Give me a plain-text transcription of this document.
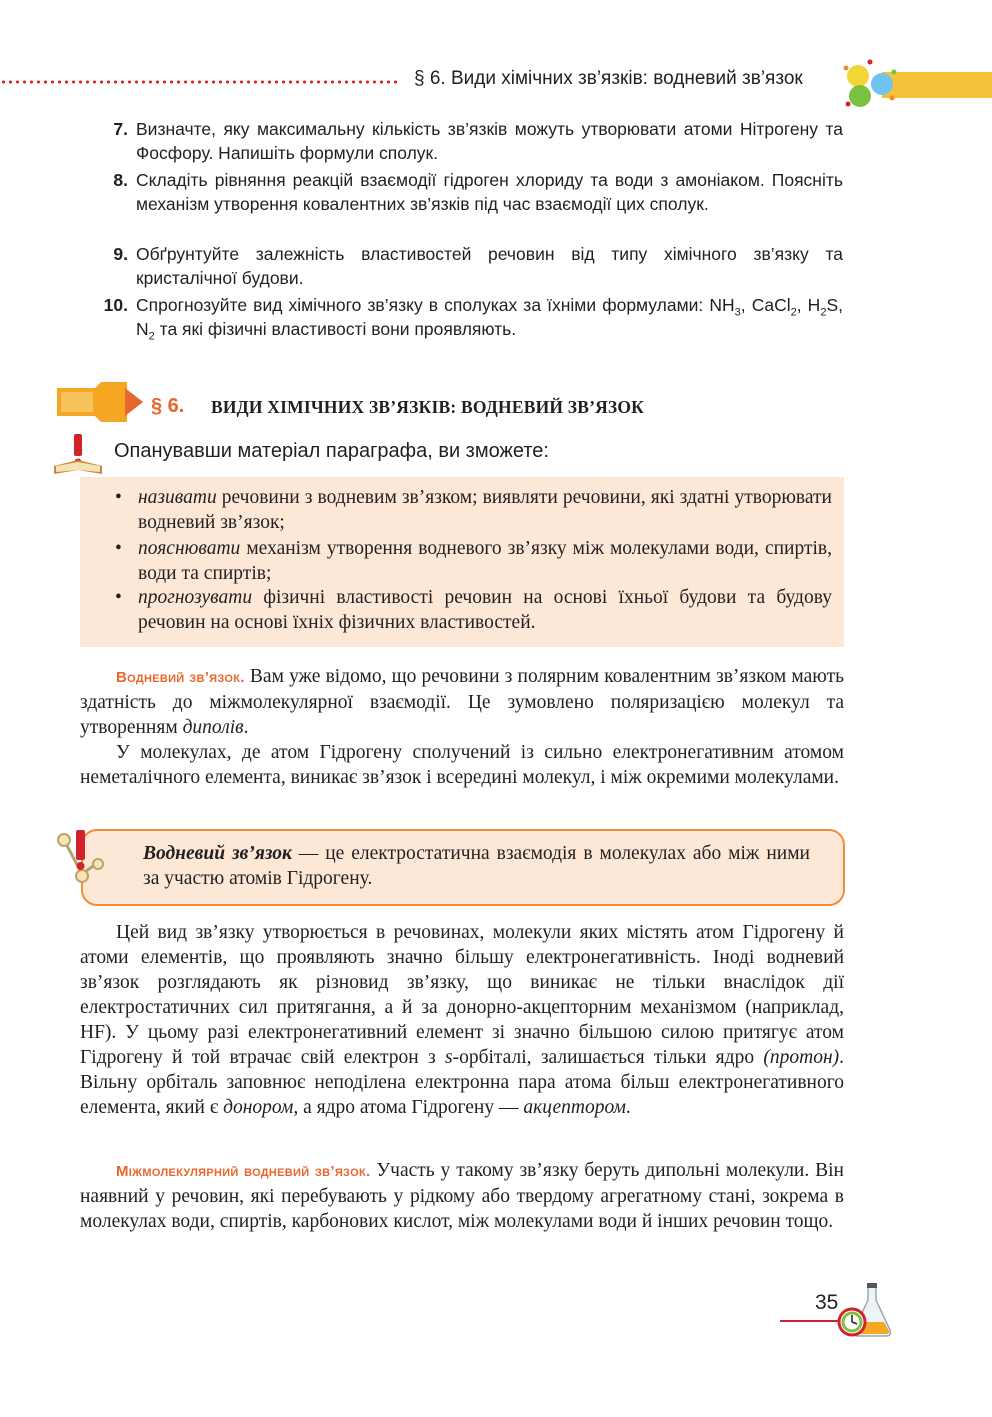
§ 6. Види хімічних зв’язків: водневий зв’язок
7. Визначте, яку максимальну кількість зв’язків можуть утворювати атоми Нітрогену та Фосфору. Напишіть формули сполук.
8. Складіть рівняння реакцій взаємодії гідроген хлориду та води з амоніаком. Поясніть механізм утворення ковалентних зв’язків під час взаємодії цих сполук.
9. Обґрунтуйте залежність властивостей речовин від типу хімічного зв’язку та кристалічної будови.
10. Спрогнозуйте вид хімічного зв’язку в сполуках за їхніми формулами: $NH_3$, CaCl$_2$, $H_2S$, $N_2$ та які фізичні властивості вони проявляють.
§ 6. ВИДИ ХІМІЧНИХ ЗВ’ЯЗКІВ: ВОДНЕВИЙ ЗВ’ЯЗОК
Опанувавши матеріал параграфа, ви зможете:
• називати речовини з водневим зв’язком; виявляти речовини, які здатні утворювати водневий зв’язок;
• пояснювати механізм утворення водневого зв’язку між молекулами води, спиртів, води та спиртів;
• прогнозувати фізичні властивості речовин на основі їхньої будови та будову речовин на основі їхніх фізичних властивостей.
Водневий зв’язок. Вам уже відомо, що речовини з полярним ковалентним зв’язком мають здатність до міжмолекулярної взаємодії. Це зумовлено поляризацією молекул та утворенням диполів.
У молекулах, де атом Гідрогену сполучений із сильно електронегативним атомом неметалічного елемента, виникає зв’язок і всередині молекул, і між окремими молекулами.
Водневий зв’язок — це електростатична взаємодія в молекулах або між ними за участю атомів Гідрогену.
Цей вид зв’язку утворюється в речовинах, молекули яких містять атом Гідрогену й атоми елементів, що проявляють значно більшу електронегативність. Іноді водневий зв’язок розглядають як різновид зв’язку, що виникає не тільки внаслідок дії електростатичних сил притягання, а й за донорно-акцепторним механізмом (наприклад, HF). У цьому разі електронегативний елемент зі значно більшою силою притягує атом Гідрогену й той втрачає свій електрон з s-орбіталі, залишається тільки ядро (протон). Вільну орбіталь заповнює неподілена електронна пара атома більш електронегативного елемента, який є донором, а ядро атома Гідрогену — акцептором.
Міжмолекулярний водневий зв’язок. Участь у такому зв’язку беруть дипольні молекули. Він наявний у речовин, які перебувають у рідкому або твердому агрегатному стані, зокрема в молекулах води, спиртів, карбонових кислот, між молекулами води й інших речовин тощо.
35
